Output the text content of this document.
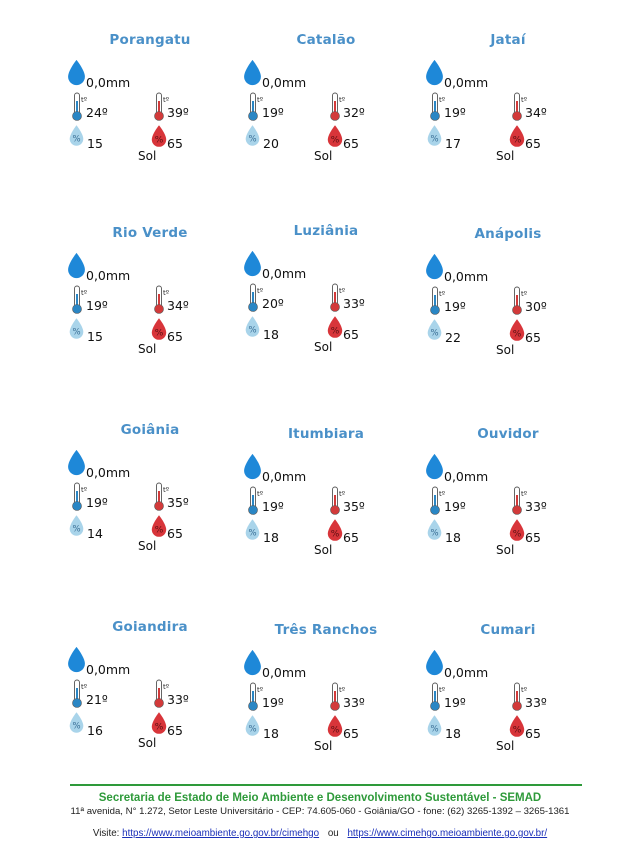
Porangatu
0,0mm
tº
24º
tº
39º
% 15	% 65
Sol
Catalão
0,0mm
tº
19º
tº
32º
% 20	% 65
Sol
Jataí
0,0mm
tº
19º
tº
34º
% 17	% 65
Sol
Rio Verde
0,0mm
tº
19º
tº
34º
% 15	% 65
Sol
Luziânia
0,0mm
tº
20º
tº
33º
% 18	% 65
Sol
Anápolis
0,0mm
tº
19º
tº
30º
% 22	% 65
Sol
Goiânia
0,0mm
tº
19º
tº
35º
% 14	% 65
Sol
Itumbiara
0,0mm
tº
19º
tº
35º
% 18	% 65
Sol
Ouvidor
0,0mm
tº
19º
tº
33º
% 18	% 65
Sol
Goiandira
0,0mm
tº
21º
tº
33º
% 16	% 65
Sol
Três Ranchos
0,0mm
tº
19º
tº
33º
% 18	% 65
Sol
Cumari
0,0mm
tº
19º
tº
33º
% 18	% 65
Sol
Secretaria de Estado de Meio Ambiente e Desenvolvimento Sustentável - SEMAD
11ª avenida, N° 1.272, Setor Leste Universitário - CEP: 74.605-060 - Goiânia/GO - fone: (62) 3265-1392 – 3265-1361
Visite: https://www.meioambiente.go.gov.br/cimehgo ou https://www.cimehgo.meioambiente.go.gov.br/
